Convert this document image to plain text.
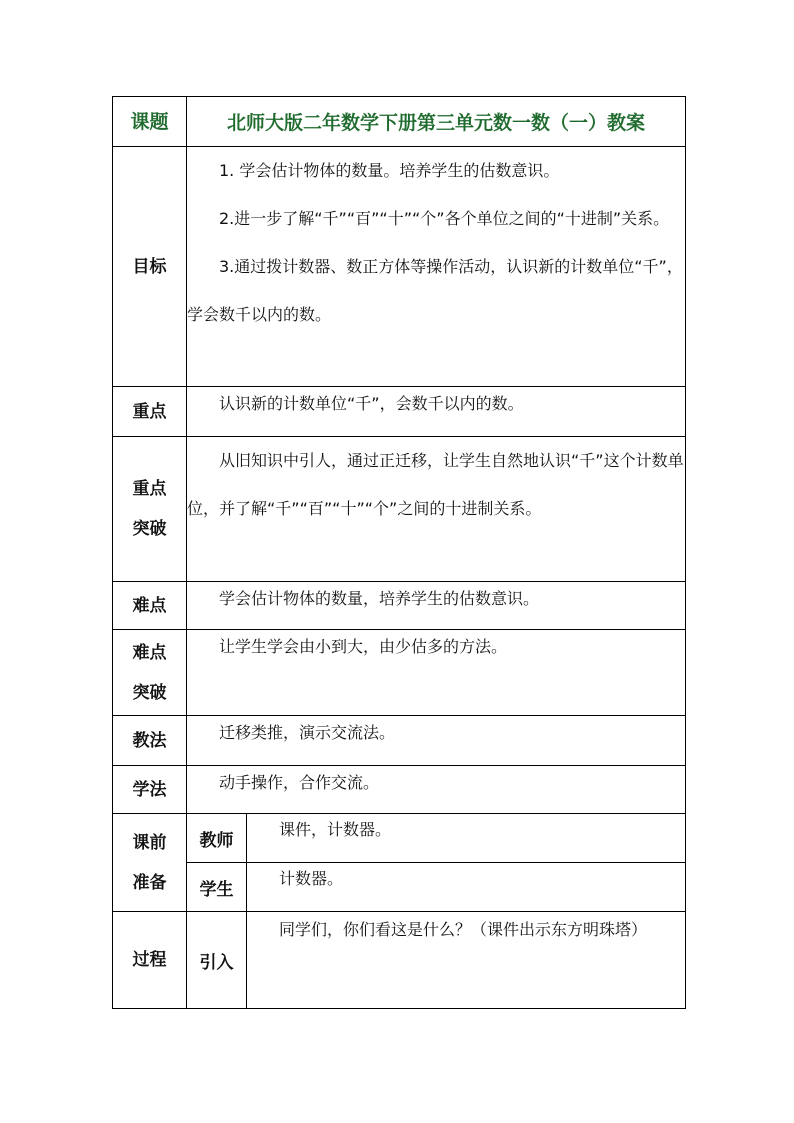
课题	北师大版二年数学下册第三单元数一数（一）教案	
目标	1. 学会估计物体的数量。培养学生的估数意识。

2.进一步了解“千”“百”“十”“个”各个单位之间的“十进制”关系。

3.通过拨计数器、数正方体等操作活动，认识新的计数单位“千”，学会数千以内的数。	

重点	认识新的计数单位“千”，会数千以内的数。	

重点
突破	从旧知识中引人，通过正迁移，让学生自然地认识“千”这个计数单位，并了解“千”“百”“十”“个”之间的十进制关系。	

难点	学会估计物体的数量，培养学生的估数意识。	

难点
突破	让学生学会由小到大，由少估多的方法。	

教法	迁移类推，演示交流法。	

学法	动手操作，合作交流。	

课前
准备	教师	课件，计数器。

	学生	计数器。

过程	引入	同学们，你们看这是什么？（课件出示东方明珠塔）
